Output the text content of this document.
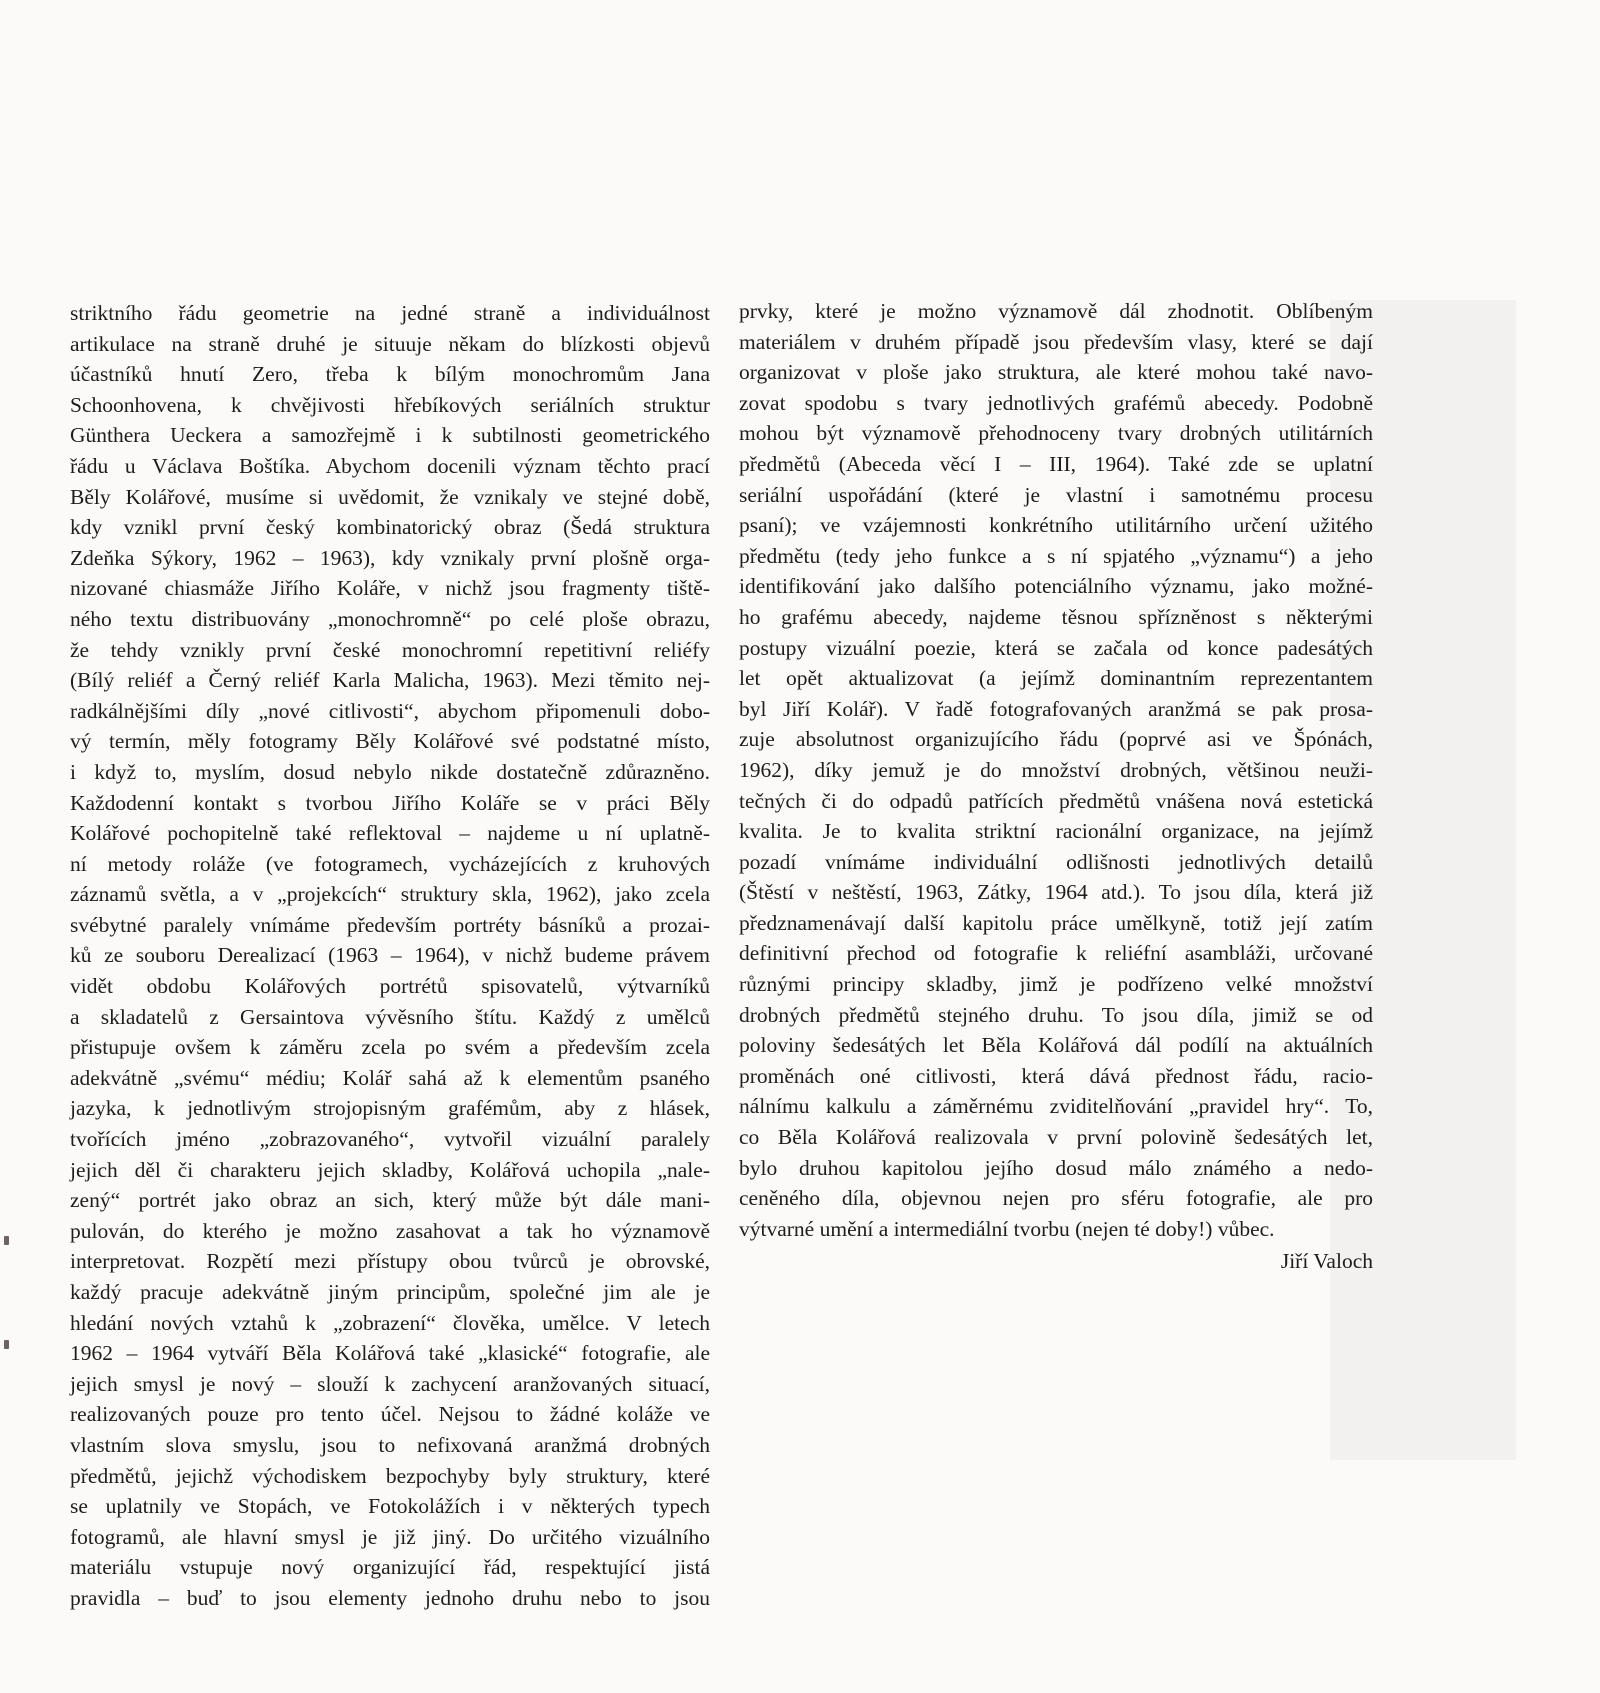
striktního řádu geometrie na jedné straně a individuálnost
artikulace na straně druhé je situuje někam do blízkosti objevů
účastníků hnutí Zero, třeba k bílým monochromům Jana
Schoonhovena, k chvějivosti hřebíkových seriálních struktur
Günthera Ueckera a samozřejmě i k subtilnosti geometrického
řádu u Václava Boštíka. Abychom docenili význam těchto prací
Běly Kolářové, musíme si uvědomit, že vznikaly ve stejné době,
kdy vznikl první český kombinatorický obraz (Šedá struktura
Zdeňka Sýkory, 1962 – 1963), kdy vznikaly první plošně orga-
nizované chiasmáže Jiřího Koláře, v nichž jsou fragmenty tiště-
ného textu distribuovány „monochromně“ po celé ploše obrazu,
že tehdy vznikly první české monochromní repetitivní reliéfy
(Bílý reliéf a Černý reliéf Karla Malicha, 1963). Mezi těmito nej-
radkálnějšími díly „nové citlivosti“, abychom připomenuli dobo-
vý termín, měly fotogramy Běly Kolářové své podstatné místo,
i když to, myslím, dosud nebylo nikde dostatečně zdůrazněno.
Každodenní kontakt s tvorbou Jiřího Koláře se v práci Běly
Kolářové pochopitelně také reflektoval – najdeme u ní uplatně-
ní metody roláže (ve fotogramech, vycházejících z kruhových
záznamů světla, a v „projekcích“ struktury skla, 1962), jako zcela
svébytné paralely vnímáme především portréty básníků a prozai-
ků ze souboru Derealizací (1963 – 1964), v nichž budeme právem
vidět obdobu Kolářových portrétů spisovatelů, výtvarníků
a skladatelů z Gersaintova vývěsního štítu. Každý z umělců
přistupuje ovšem k záměru zcela po svém a především zcela
adekvátně „svému“ médiu; Kolář sahá až k elementům psaného
jazyka, k jednotlivým strojopisným grafémům, aby z hlásek,
tvořících jméno „zobrazovaného“, vytvořil vizuální paralely
jejich děl či charakteru jejich skladby, Kolářová uchopila „nale-
zený“ portrét jako obraz an sich, který může být dále mani-
pulován, do kterého je možno zasahovat a tak ho významově
interpretovat. Rozpětí mezi přístupy obou tvůrců je obrovské,
každý pracuje adekvátně jiným principům, společné jim ale je
hledání nových vztahů k „zobrazení“ člověka, umělce. V letech
1962 – 1964 vytváří Běla Kolářová také „klasické“ fotografie, ale
jejich smysl je nový – slouží k zachycení aranžovaných situací,
realizovaných pouze pro tento účel. Nejsou to žádné koláže ve
vlastním slova smyslu, jsou to nefixovaná aranžmá drobných
předmětů, jejichž východiskem bezpochyby byly struktury, které
se uplatnily ve Stopách, ve Fotokolážích i v některých typech
fotogramů, ale hlavní smysl je již jiný. Do určitého vizuálního
materiálu vstupuje nový organizující řád, respektující jistá
pravidla – buď to jsou elementy jednoho druhu nebo to jsou
prvky, které je možno významově dál zhodnotit. Oblíbeným
materiálem v druhém případě jsou především vlasy, které se dají
organizovat v ploše jako struktura, ale které mohou také navo-
zovat spodobu s tvary jednotlivých grafémů abecedy. Podobně
mohou být významově přehodnoceny tvary drobných utilitárních
předmětů (Abeceda věcí I – III, 1964). Také zde se uplatní
seriální uspořádání (které je vlastní i samotnému procesu
psaní); ve vzájemnosti konkrétního utilitárního určení užitého
předmětu (tedy jeho funkce a s ní spjatého „významu“) a jeho
identifikování jako dalšího potenciálního významu, jako možné-
ho grafému abecedy, najdeme těsnou spřízněnost s některými
postupy vizuální poezie, která se začala od konce padesátých
let opět aktualizovat (a jejímž dominantním reprezentantem
byl Jiří Kolář). V řadě fotografovaných aranžmá se pak prosa-
zuje absolutnost organizujícího řádu (poprvé asi ve Špónách,
1962), díky jemuž je do množství drobných, většinou neuži-
tečných či do odpadů patřících předmětů vnášena nová estetická
kvalita. Je to kvalita striktní racionální organizace, na jejímž
pozadí vnímáme individuální odlišnosti jednotlivých detailů
(Štěstí v neštěstí, 1963, Zátky, 1964 atd.). To jsou díla, která již
předznamenávají další kapitolu práce umělkyně, totiž její zatím
definitivní přechod od fotografie k reliéfní asambláži, určované
různými principy skladby, jimž je podřízeno velké množství
drobných předmětů stejného druhu. To jsou díla, jimiž se od
poloviny šedesátých let Běla Kolářová dál podílí na aktuálních
proměnách oné citlivosti, která dává přednost řádu, racio-
nálnímu kalkulu a záměrnému zviditelňování „pravidel hry“. To,
co Běla Kolářová realizovala v první polovině šedesátých let,
bylo druhou kapitolou jejího dosud málo známého a nedo-
ceněného díla, objevnou nejen pro sféru fotografie, ale pro
výtvarné umění a intermediální tvorbu (nejen té doby!) vůbec.
Jiří Valoch
